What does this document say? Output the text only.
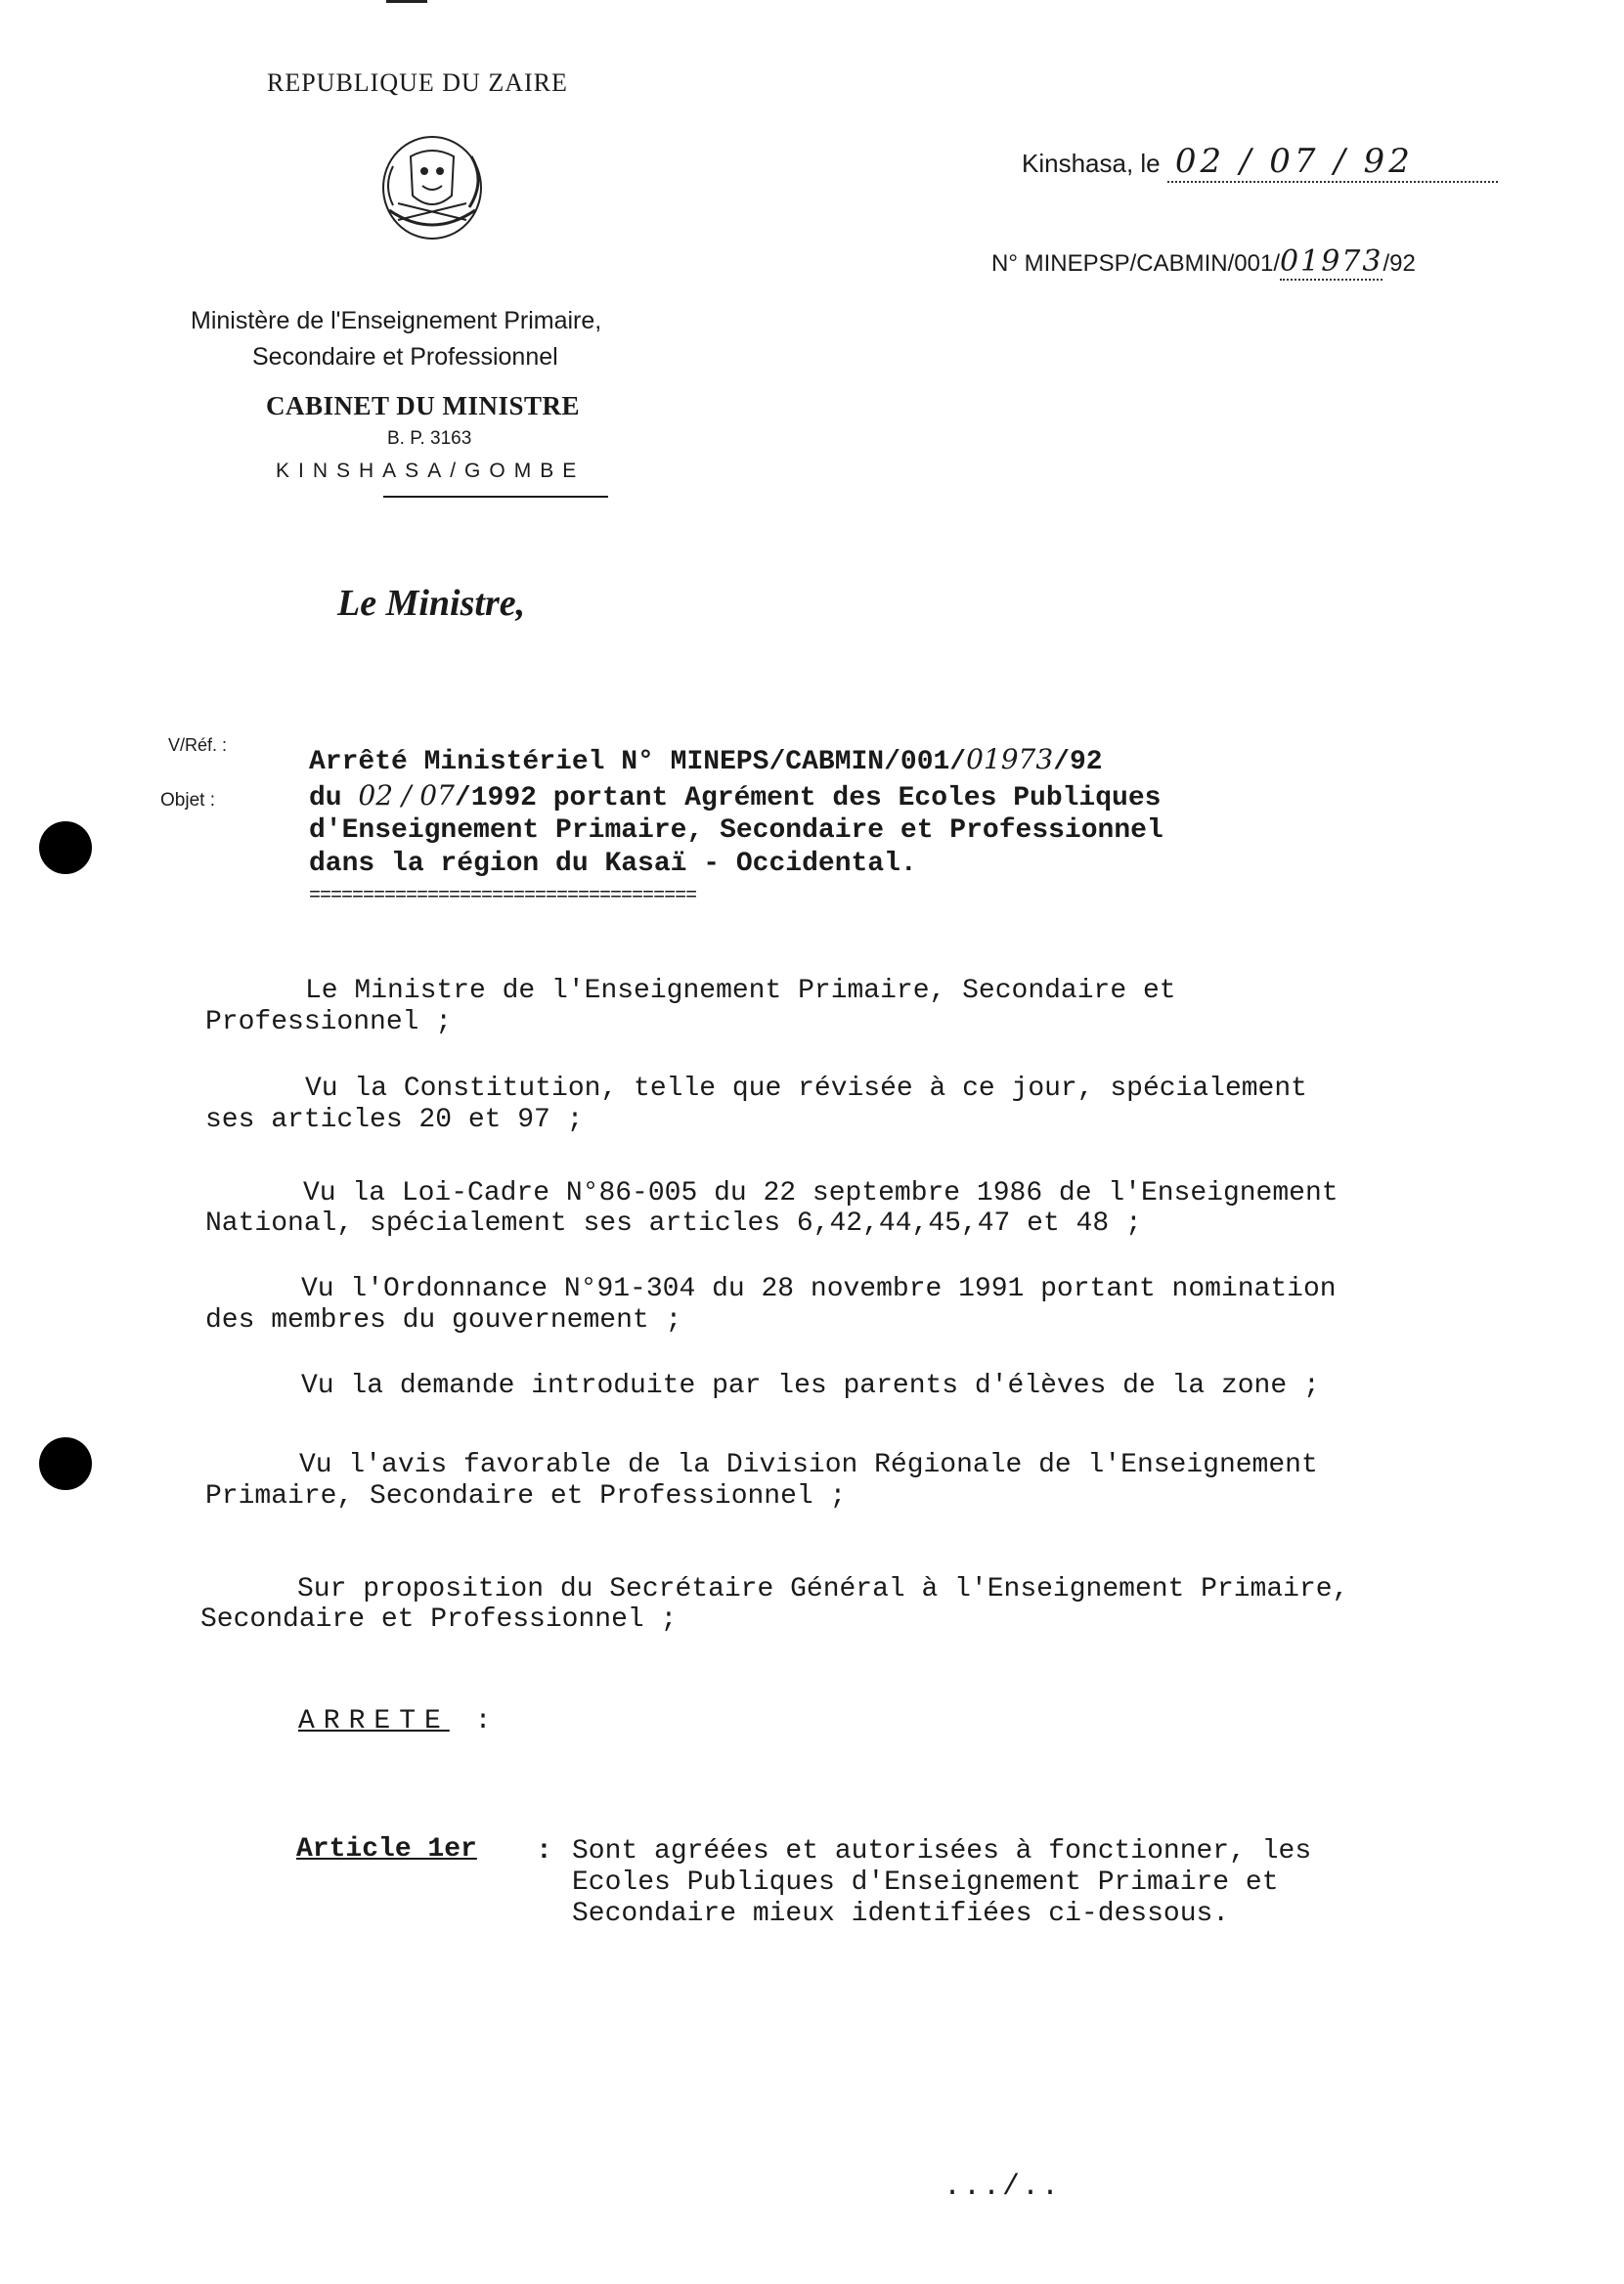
REPUBLIQUE DU ZAIRE
Ministère de l'Enseignement Primaire,
Secondaire et Professionnel
CABINET DU MINISTRE
B. P. 3163
KINSHASA/GOMBE
Kinshasa, le 02 / 07 / 92
N° MINEPSP/CABMIN/001/01973/92
Le Ministre,
V/Réf. :
Objet :
Arrêté Ministériel N° MINEPS/CABMIN/001/01973/92
du 02 / 07/1992 portant Agrément des Ecoles Publiques
d'Enseignement Primaire, Secondaire et Professionnel
dans la région du Kasaï - Occidental.
====================================
Le Ministre de l'Enseignement Primaire, Secondaire et
Professionnel ;
Vu la Constitution, telle que révisée à ce jour, spécialement
ses articles 20 et 97 ;
Vu la Loi-Cadre N°86-005 du 22 septembre 1986 de l'Enseignement
National, spécialement ses articles 6,42,44,45,47 et 48 ;
Vu l'Ordonnance N°91-304 du 28 novembre 1991 portant nomination
des membres du gouvernement ;
Vu la demande introduite par les parents d'élèves de la zone ;
Vu l'avis favorable de la Division Régionale de l'Enseignement
Primaire, Secondaire et Professionnel ;
Sur proposition du Secrétaire Général à l'Enseignement Primaire,
Secondaire et Professionnel ;
ARRETE :
Article 1er : Sont agréées et autorisées à fonctionner, les
Ecoles Publiques d'Enseignement Primaire et
Secondaire mieux identifiées ci-dessous.
.../..
